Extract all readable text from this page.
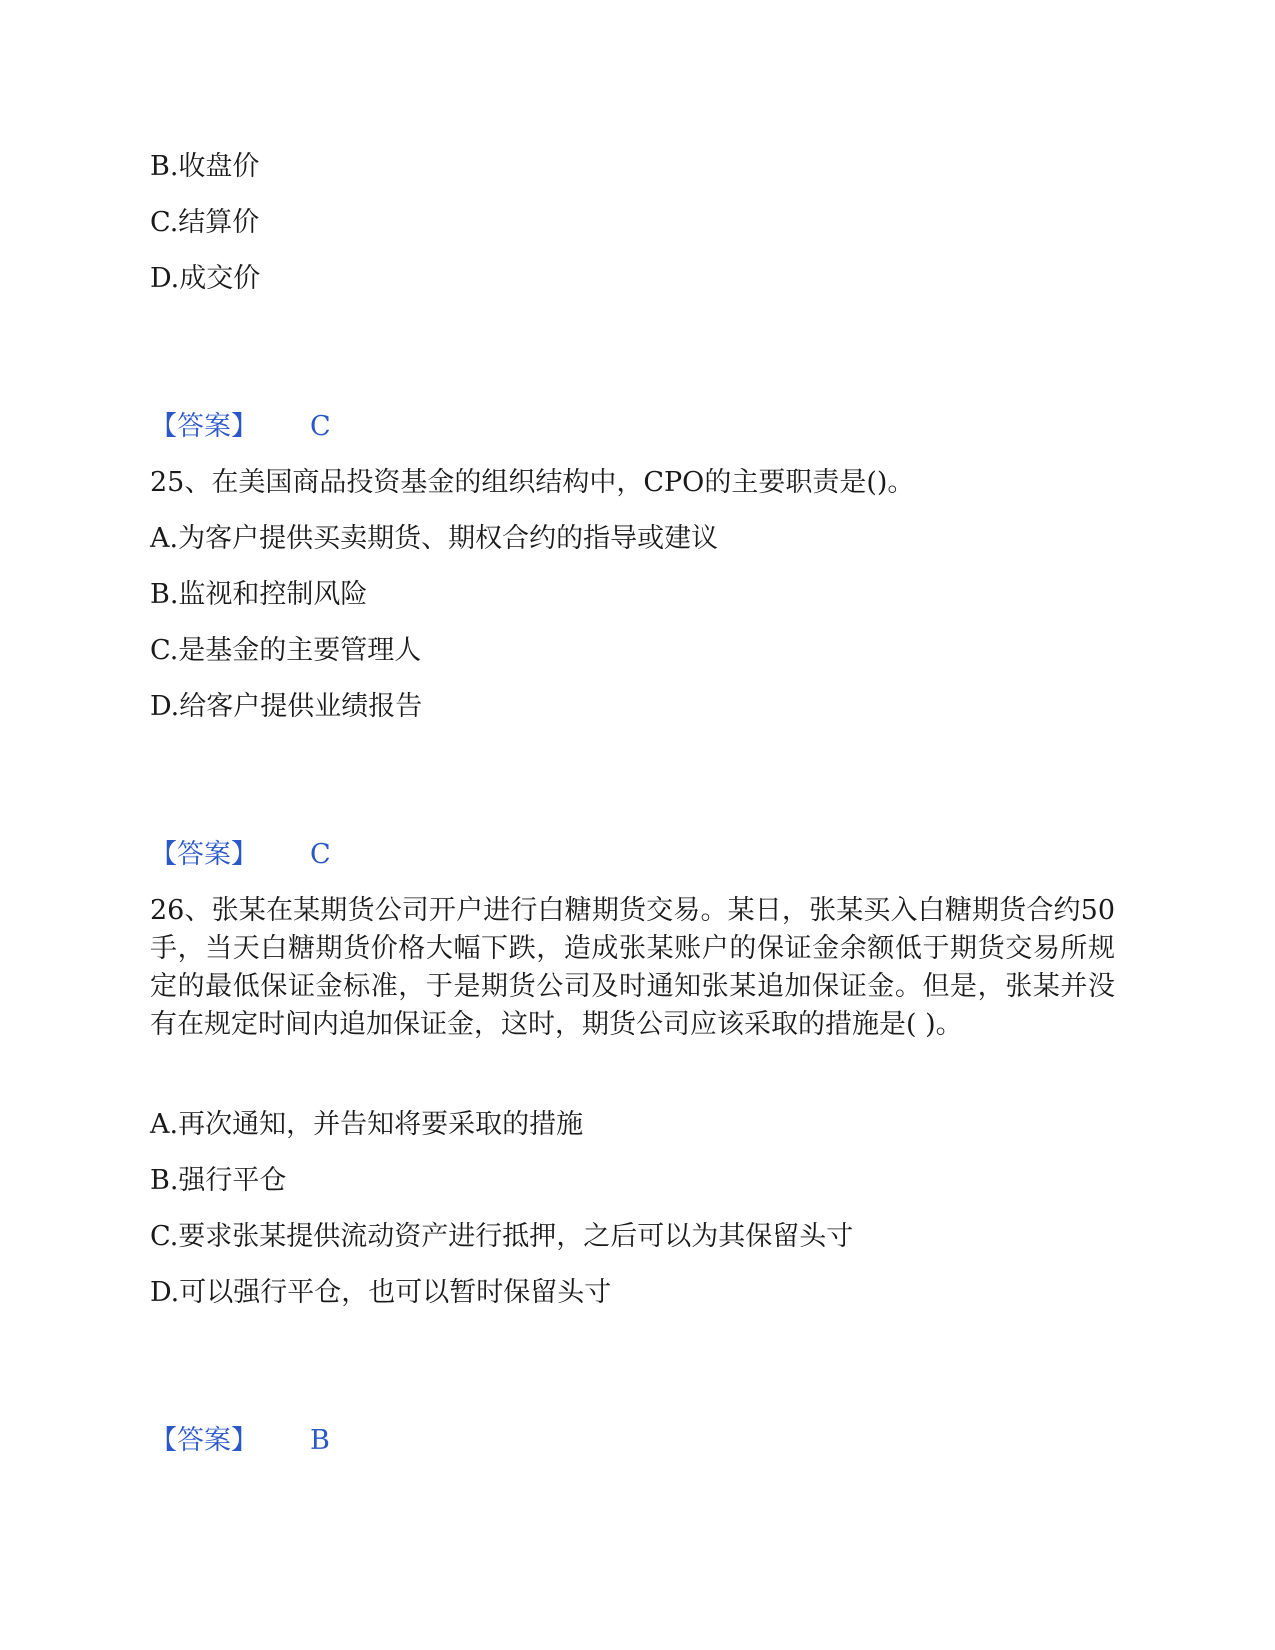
B.收盘价
C.结算价
D.成交价
【答案】 C
25、在美国商品投资基金的组织结构中，CPO的主要职责是()。
A.为客户提供买卖期货、期权合约的指导或建议
B.监视和控制风险
C.是基金的主要管理人
D.给客户提供业绩报告
【答案】 C
26、张某在某期货公司开户进行白糖期货交易。某日，张某买入白糖期货合约50手，当天白糖期货价格大幅下跌，造成张某账户的保证金余额低于期货交易所规定的最低保证金标准，于是期货公司及时通知张某追加保证金。但是，张某并没有在规定时间内追加保证金，这时，期货公司应该采取的措施是( )。
A.再次通知，并告知将要采取的措施
B.强行平仓
C.要求张某提供流动资产进行抵押，之后可以为其保留头寸
D.可以强行平仓，也可以暂时保留头寸
【答案】 B
